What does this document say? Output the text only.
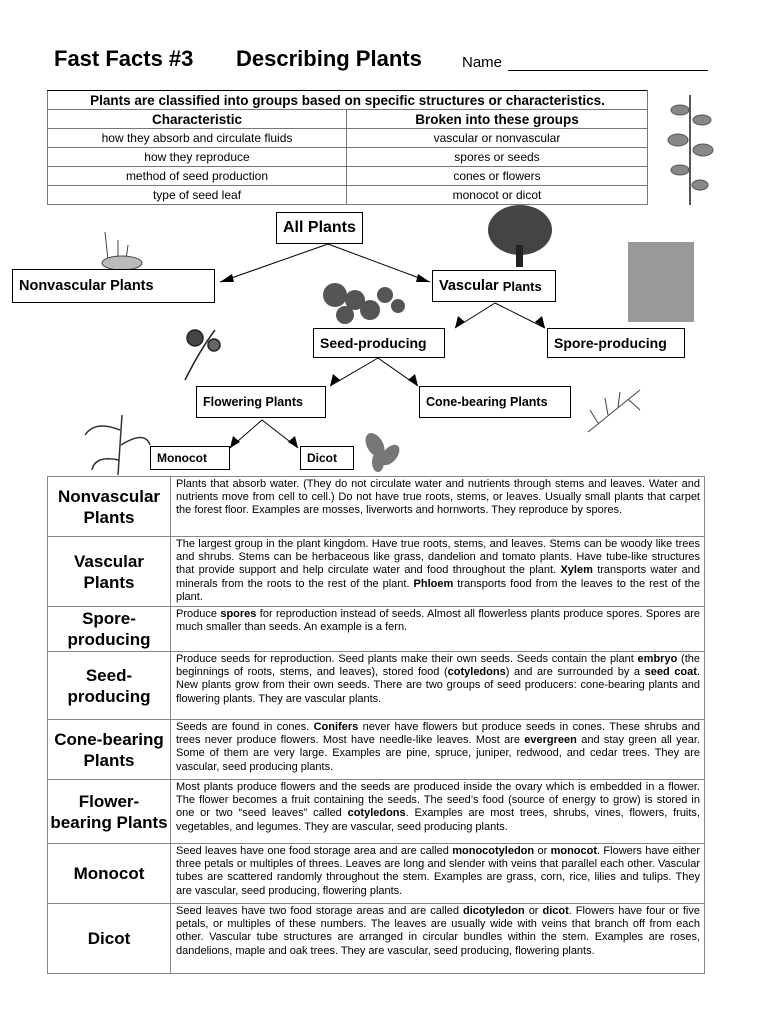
Fast Facts #3 Describing Plants	Name
Plants are classified into groups based on specific structures or characteristics.	
Characteristic	Broken into these groups
how they absorb and circulate fluids	vascular or nonvascular
how they reproduce	spores or seeds
method of seed production	cones or flowers
type of seed leaf	monocot or dicot
All Plants
Nonvascular Plants	Vascular
Plants
Seed-producing	Spore-producing
Flowering Plants	Cone-bearing Plants
Monocot	Dicot
Nonvascular Plants	Plants that absorb water. (They do not circulate water and nutrients through stems and leaves. Water and nutrients move from cell to cell.) Do not have true roots, stems, or leaves. Usually small plants that carpet the forest floor. Examples are mosses, liverworts and hornworts. They reproduce by spores.
Vascular Plants	The largest group in the plant kingdom. Have true roots, stems, and leaves. Stems can be woody like trees and shrubs. Stems can be herbaceous like grass, dandelion and tomato plants. Have tube-like structures that provide support and help circulate water and food throughout the plant. Xylem transports water and minerals from the roots to the rest of the plant. Phloem transports food from the leaves to the rest of the plant.
Spore-producing	Produce spores for reproduction instead of seeds. Almost all flowerless plants produce spores. Spores are much smaller than seeds. An example is a fern.
Seed-producing	Produce seeds for reproduction. Seed plants make their own seeds. Seeds contain the plant embryo (the beginnings of roots, stems, and leaves), stored food (cotyledons) and are surrounded by a seed coat. New plants grow from their own seeds. There are two groups of seed producers: cone-bearing plants and flowering plants. They are vascular plants.
Cone-bearing Plants	Seeds are found in cones. Conifers never have flowers but produce seeds in cones. These shrubs and trees never produce flowers. Most have needle-like leaves. Most are evergreen and stay green all year. Some of them are very large. Examples are pine, spruce, juniper, redwood, and cedar trees. They are vascular, seed producing plants.
Flower-bearing Plants	Most plants produce flowers and the seeds are produced inside the ovary which is embedded in a flower. The flower becomes a fruit containing the seeds. The seed’s food (source of energy to grow) is stored in one or two “seed leaves” called cotyledons. Examples are most trees, shrubs, vines, flowers, fruits, vegetables, and legumes. They are vascular, seed producing plants.
Monocot	Seed leaves have one food storage area and are called monocotyledon or monocot. Flowers have either three petals or multiples of threes. Leaves are long and slender with veins that parallel each other. Vascular tubes are scattered randomly throughout the stem. Examples are grass, corn, rice, lilies and tulips. They are vascular, seed producing, flowering plants.
Dicot	Seed leaves have two food storage areas and are called dicotyledon or dicot. Flowers have four or five petals, or multiples of these numbers. The leaves are usually wide with veins that branch off from each other. Vascular tube structures are arranged in circular bundles within the stem. Examples are roses, dandelions, maple and oak trees. They are vascular, seed producing, flowering plants.
